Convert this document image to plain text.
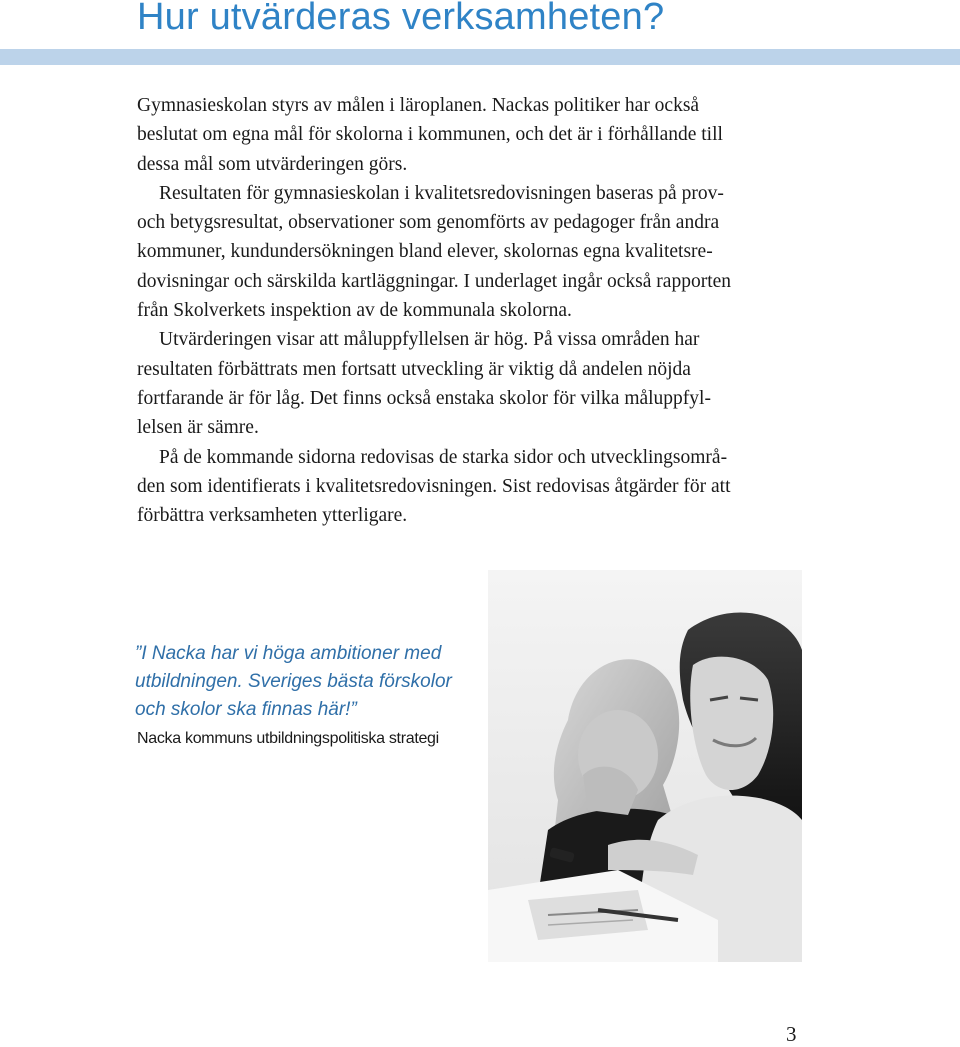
Hur utvärderas verksamheten?

Gymnasieskolan styrs av målen i läroplanen. Nackas politiker har också
beslutat om egna mål för skolorna i kommunen, och det är i förhållande till
dessa mål som utvärderingen görs.

Resultaten för gymnasieskolan i kvalitetsredovisningen baseras på prov-
och betygsresultat, observationer som genomförts av pedagoger från andra
kommuner, kundundersökningen bland elever, skolornas egna kvalitetsre-
dovisningar och särskilda kartläggningar. I underlaget ingår också rapporten
från Skolverkets inspektion av de kommunala skolorna.

Utvärderingen visar att måluppfyllelsen är hög. På vissa områden har
resultaten förbättrats men fortsatt utveckling är viktig då andelen nöjda
fortfarande är för låg. Det finns också enstaka skolor för vilka måluppfyl-
lelsen är sämre.

På de kommande sidorna redovisas de starka sidor och utvecklingsområ-
den som identifierats i kvalitetsredovisningen. Sist redovisas åtgärder för att
förbättra verksamheten ytterligare.

”I Nacka har vi höga ambitioner med
utbildningen. Sveriges bästa förskolor
och skolor ska finnas här!”
Nacka kommuns utbildningspolitiska strategi
3
